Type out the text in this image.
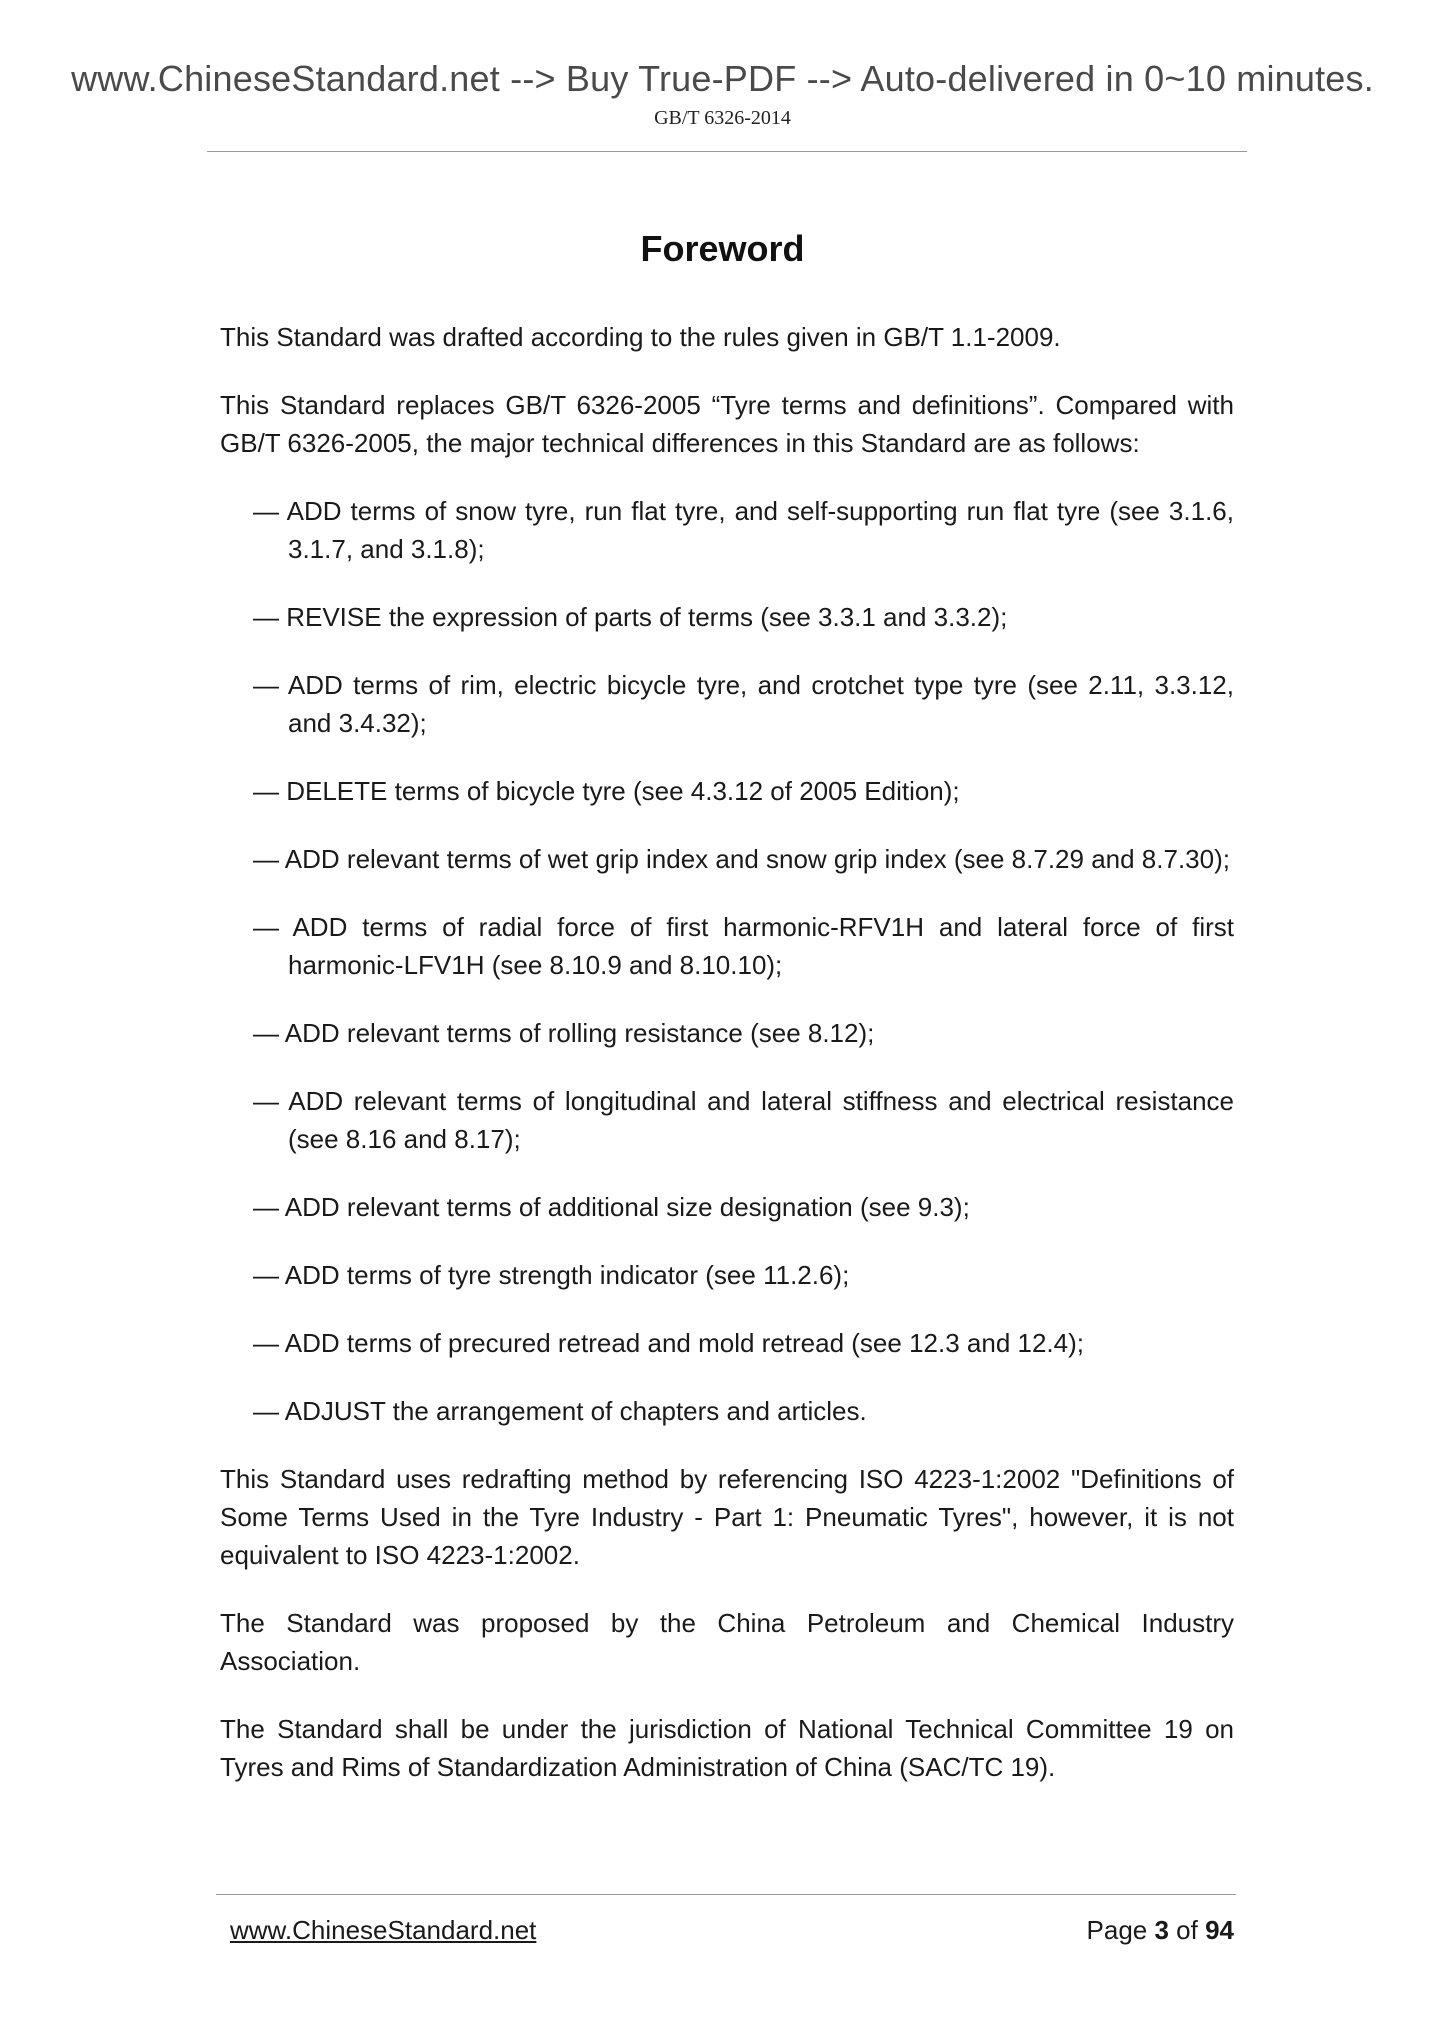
www.ChineseStandard.net --> Buy True-PDF --> Auto-delivered in 0~10 minutes.
GB/T 6326-2014
Foreword

This Standard was drafted according to the rules given in GB/T 1.1-2009.

This Standard replaces GB/T 6326-2005 “Tyre terms and definitions”. Compared with GB/T 6326-2005, the major technical differences in this Standard are as follows:

— ADD terms of snow tyre, run flat tyre, and self-supporting run flat tyre (see 3.1.6, 3.1.7, and 3.1.8);
— REVISE the expression of parts of terms (see 3.3.1 and 3.3.2);
— ADD terms of rim, electric bicycle tyre, and crotchet type tyre (see 2.11, 3.3.12, and 3.4.32);
— DELETE terms of bicycle tyre (see 4.3.12 of 2005 Edition);
— ADD relevant terms of wet grip index and snow grip index (see 8.7.29 and 8.7.30);
— ADD terms of radial force of first harmonic-RFV1H and lateral force of first harmonic-LFV1H (see 8.10.9 and 8.10.10);
— ADD relevant terms of rolling resistance (see 8.12);
— ADD relevant terms of longitudinal and lateral stiffness and electrical resistance (see 8.16 and 8.17);
— ADD relevant terms of additional size designation (see 9.3);
— ADD terms of tyre strength indicator (see 11.2.6);
— ADD terms of precured retread and mold retread (see 12.3 and 12.4);
— ADJUST the arrangement of chapters and articles.

This Standard uses redrafting method by referencing ISO 4223-1:2002 "Definitions of Some Terms Used in the Tyre Industry - Part 1: Pneumatic Tyres", however, it is not equivalent to ISO 4223-1:2002.

The Standard was proposed by the China Petroleum and Chemical Industry Association.

The Standard shall be under the jurisdiction of National Technical Committee 19 on Tyres and Rims of Standardization Administration of China (SAC/TC 19).

www.ChineseStandard.net	Page 3 of 94
